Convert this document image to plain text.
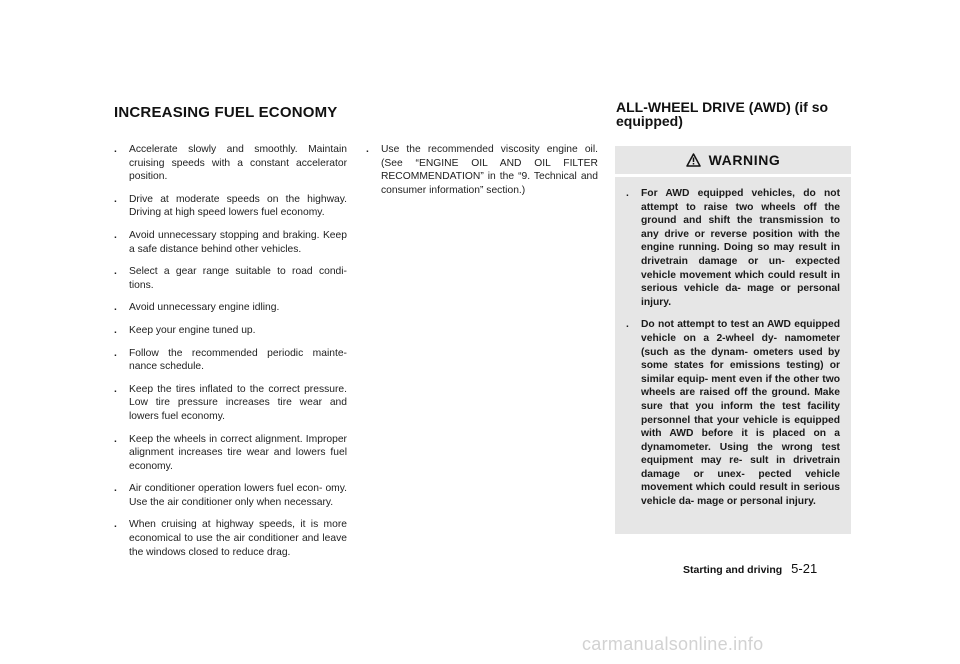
INCREASING FUEL ECONOMY	ALL-WHEEL DRIVE (AWD) (if so equipped)
. Accelerate slowly and smoothly. Maintain cruising speeds with a constant accelerator position.
. Drive at moderate speeds on the highway. Driving at high speed lowers fuel economy.
. Avoid unnecessary stopping and braking. Keep a safe distance behind other vehicles.
. Select a gear range suitable to road condi- tions.
. Avoid unnecessary engine idling.
. Keep your engine tuned up.
. Follow the recommended periodic mainte- nance schedule.
. Keep the tires inflated to the correct pressure. Low tire pressure increases tire wear and lowers fuel economy.
. Keep the wheels in correct alignment. Improper alignment increases tire wear and lowers fuel economy.
. Air conditioner operation lowers fuel econ- omy. Use the air conditioner only when necessary.
. When cruising at highway speeds, it is more economical to use the air conditioner and leave the windows closed to reduce drag.
. Use the recommended viscosity engine oil. (See “ENGINE OIL AND OIL FILTER RECOMMENDATION” in the “9. Technical and consumer information” section.)
WARNING
. For AWD equipped vehicles, do not attempt to raise two wheels off the ground and shift the transmission to any drive or reverse position with the engine running. Doing so may result in drivetrain damage or un- expected vehicle movement which could result in serious vehicle da- mage or personal injury.
. Do not attempt to test an AWD equipped vehicle on a 2-wheel dy- namometer (such as the dynam- ometers used by some states for emissions testing) or similar equip- ment even if the other two wheels are raised off the ground. Make sure that you inform the test facility personnel that your vehicle is equipped with AWD before it is placed on a dynamometer. Using the wrong test equipment may re- sult in drivetrain damage or unex- pected vehicle movement which could result in serious vehicle da- mage or personal injury.
Starting and driving 5-21
carmanualsonline.info
